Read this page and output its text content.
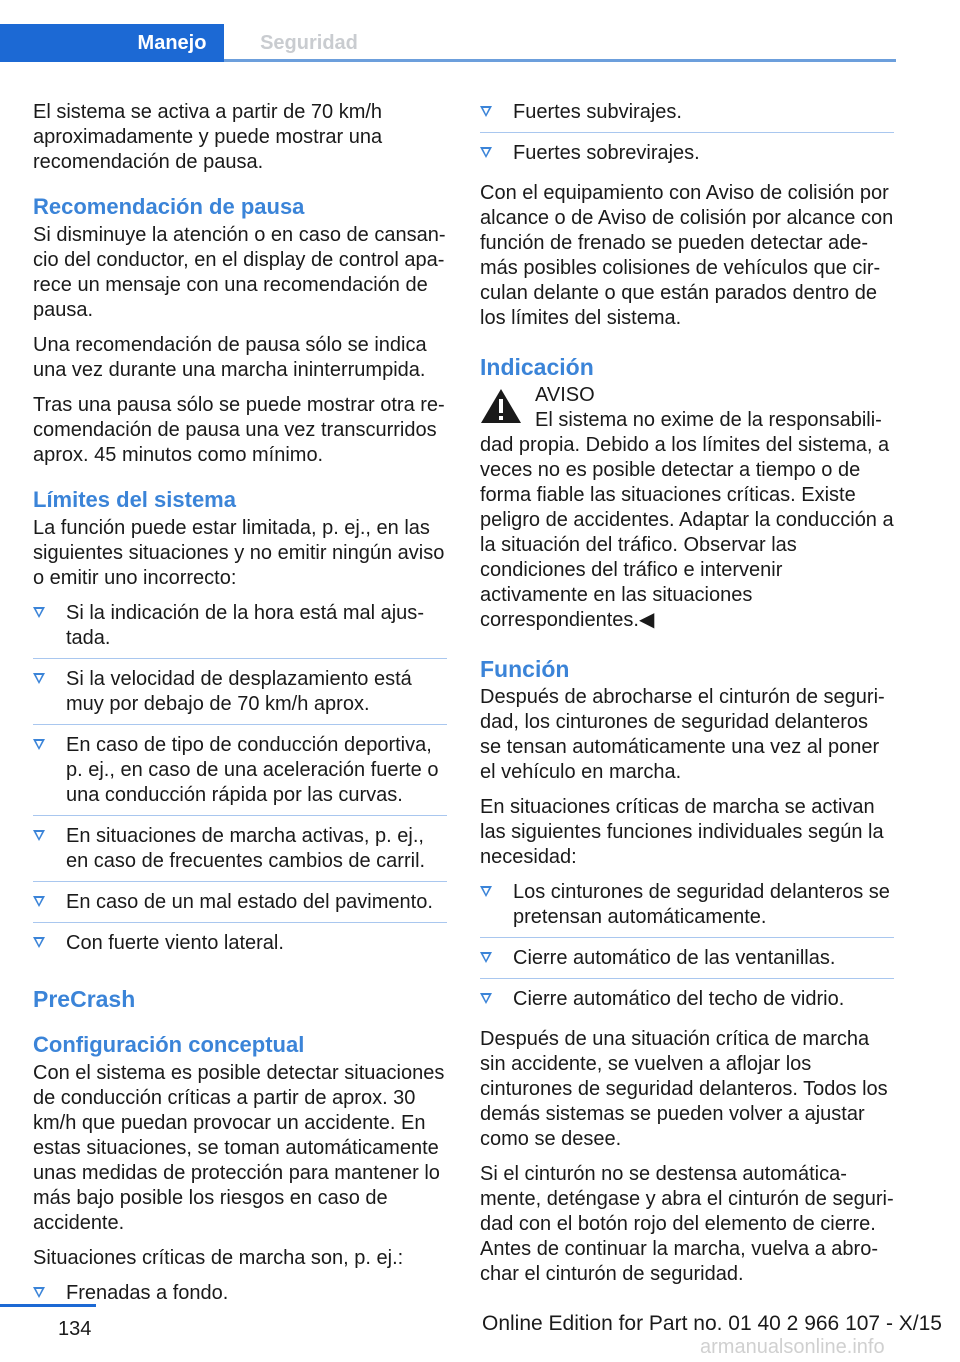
Manejo	Seguridad

El sistema se activa a partir de 70 km/h aproximadamente y puede mostrar una recomendación de pausa.

Recomendación de pausa

Si disminuye la atención o en caso de cansancio del conductor, en el display de control aparece un mensaje con una recomendación de pausa.

Una recomendación de pausa sólo se indica una vez durante una marcha ininterrumpida.

Tras una pausa sólo se puede mostrar otra recomendación de pausa una vez transcurridos aprox. 45 minutos como mínimo.

Límites del sistema

La función puede estar limitada, p. ej., en las siguientes situaciones y no emitir ningún aviso o emitir uno incorrecto:

Si la indicación de la hora está mal ajustada.
Si la velocidad de desplazamiento está muy por debajo de 70 km/h aprox.
En caso de tipo de conducción deportiva, p. ej., en caso de una aceleración fuerte o una conducción rápida por las curvas.
En situaciones de marcha activas, p. ej., en caso de frecuentes cambios de carril.
En caso de un mal estado del pavimento.
Con fuerte viento lateral.
PreCrash
Configuración conceptual

Con el sistema es posible detectar situaciones de conducción críticas a partir de aprox. 30 km/h que puedan provocar un accidente. En estas situaciones, se toman automáticamente unas medidas de protección para mantener lo más bajo posible los riesgos en caso de accidente.

Situaciones críticas de marcha son, p. ej.:

Frenadas a fondo.
Fuertes subvirajes.
Fuertes sobrevirajes.

Con el equipamiento con Aviso de colisión por alcance o de Aviso de colisión por alcance con función de frenado se pueden detectar además posibles colisiones de vehículos que circulan delante o que están parados dentro de los límites del sistema.

Indicación
AVISO

El sistema no exime de la responsabilidad propia. Debido a los límites del sistema, a veces no es posible detectar a tiempo o de forma fiable las situaciones críticas. Existe peligro de accidentes. Adaptar la conducción a la situación del tráfico. Observar las condiciones del tráfico e intervenir activamente en las situaciones correspondientes.◀

Función

Después de abrocharse el cinturón de seguridad, los cinturones de seguridad delanteros se tensan automáticamente una vez al poner el vehículo en marcha.

En situaciones críticas de marcha se activan las siguientes funciones individuales según la necesidad:

Los cinturones de seguridad delanteros se pretensan automáticamente.
Cierre automático de las ventanillas.
Cierre automático del techo de vidrio.

Después de una situación crítica de marcha sin accidente, se vuelven a aflojar los cinturones de seguridad delanteros. Todos los demás sistemas se pueden volver a ajustar como se desee.

Si el cinturón no se destensa automáticamente, deténgase y abra el cinturón de seguridad con el botón rojo del elemento de cierre. Antes de continuar la marcha, vuelva a abrochar el cinturón de seguridad.

134	Online Edition for Part no. 01 40 2 966 107 - X/15
armanualsonline.info
